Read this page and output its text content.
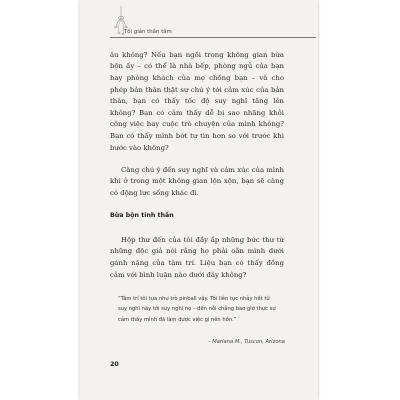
Tối giản thân tâm

âu không? Nếu bạn ngồi trong không gian bừa bộn ấy – có thể là nhà bếp, phòng ngủ của bạn hay phòng khách của mẹ chồng bạn – và cho phép bản thân thật sự chú ý tới cảm xúc của bản thân, bạn có thấy tốc độ suy nghĩ tăng lên không? Bạn có cảm thấy dễ bị sao nhãng khỏi công việc hay cuộc trò chuyện của mình không? Bạn có thấy mình bớt tự tin hơn so với trước khi bước vào không?

Càng chú ý đến suy nghĩ và cảm xúc của mình khi ở trong một không gian lộn xộn, bạn sẽ càng có động lực sống khác đi.

Bừa bộn tinh thần

Hộp thư đến của tôi đầy ắp những bức thư từ những độc giả nói rằng họ phải oằn mình dưới gánh nặng của tâm trí. Liệu bạn có thấy đồng cảm với bình luận nào dưới đây không?

“Tâm trí tôi tựa như trò pinball vậy. Tôi liên tục nhảy hết từ suy nghĩ này tới suy nghĩ nọ – đến nỗi chẳng bao giờ thực sự cảm thấy mình đã làm được việc gì nên hồn.”
– Mariana M., Tuscon, Arizona
20
